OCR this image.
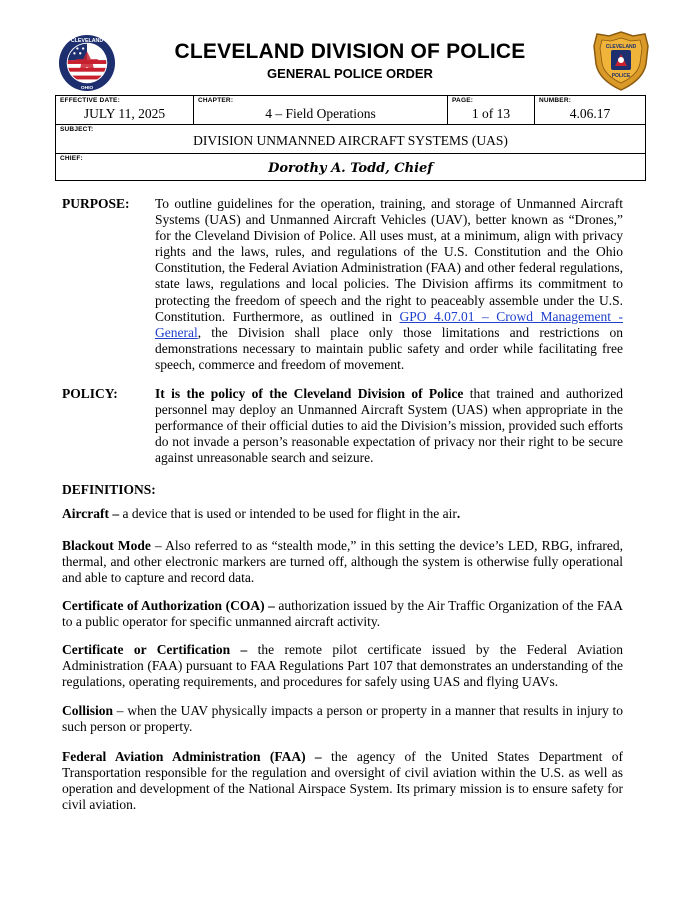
CLEVELAND
OHIO
CLEVELAND DIVISION OF POLICE
GENERAL POLICE ORDER
CLEVELAND
POLICE
EFFECTIVE DATE:
JULY 11, 2025
CHAPTER:
4 – Field Operations
PAGE:
1 of 13
NUMBER:
4.06.17
SUBJECT:
DIVISION UNMANNED AIRCRAFT SYSTEMS (UAS)
CHIEF:
Dorothy A. Todd, Chief
PURPOSE: To outline guidelines for the operation, training, and storage of Unmanned Aircraft Systems (UAS) and Unmanned Aircraft Vehicles (UAV), better known as “Drones,” for the Cleveland Division of Police. All uses must, at a minimum, align with privacy rights and the laws, rules, and regulations of the U.S. Constitution and the Ohio Constitution, the Federal Aviation Administration (FAA) and other federal regulations, state laws, regulations and local policies. The Division affirms its commitment to protecting the freedom of speech and the right to peaceably assemble under the U.S. Constitution. Furthermore, as outlined in GPO 4.07.01 – Crowd Management - General, the Division shall place only those limitations and restrictions on demonstrations necessary to maintain public safety and order while facilitating free speech, commerce and freedom of movement.
POLICY:	It is the policy of the Cleveland Division of Police that trained and authorized personnel may deploy an Unmanned Aircraft System (UAS) when appropriate in the performance of their official duties to aid the Division’s mission, provided such efforts do not invade a person’s reasonable expectation of privacy nor their right to be secure against unreasonable search and seizure.
DEFINITIONS:
Aircraft – a device that is used or intended to be used for flight in the air.
Blackout Mode – Also referred to as “stealth mode,” in this setting the device’s LED, RBG, infrared, thermal, and other electronic markers are turned off, although the system is otherwise fully operational and able to capture and record data.
Certificate of Authorization (COA) – authorization issued by the Air Traffic Organization of the FAA to a public operator for specific unmanned aircraft activity.
Certificate or Certification – the remote pilot certificate issued by the Federal Aviation Administration (FAA) pursuant to FAA Regulations Part 107 that demonstrates an understanding of the regulations, operating requirements, and procedures for safely using UAS and flying UAVs.
Collision – when the UAV physically impacts a person or property in a manner that results in injury to such person or property.
Federal Aviation Administration (FAA) – the agency of the United States Department of Transportation responsible for the regulation and oversight of civil aviation within the U.S. as well as operation and development of the National Airspace System. Its primary mission is to ensure safety for civil aviation.
